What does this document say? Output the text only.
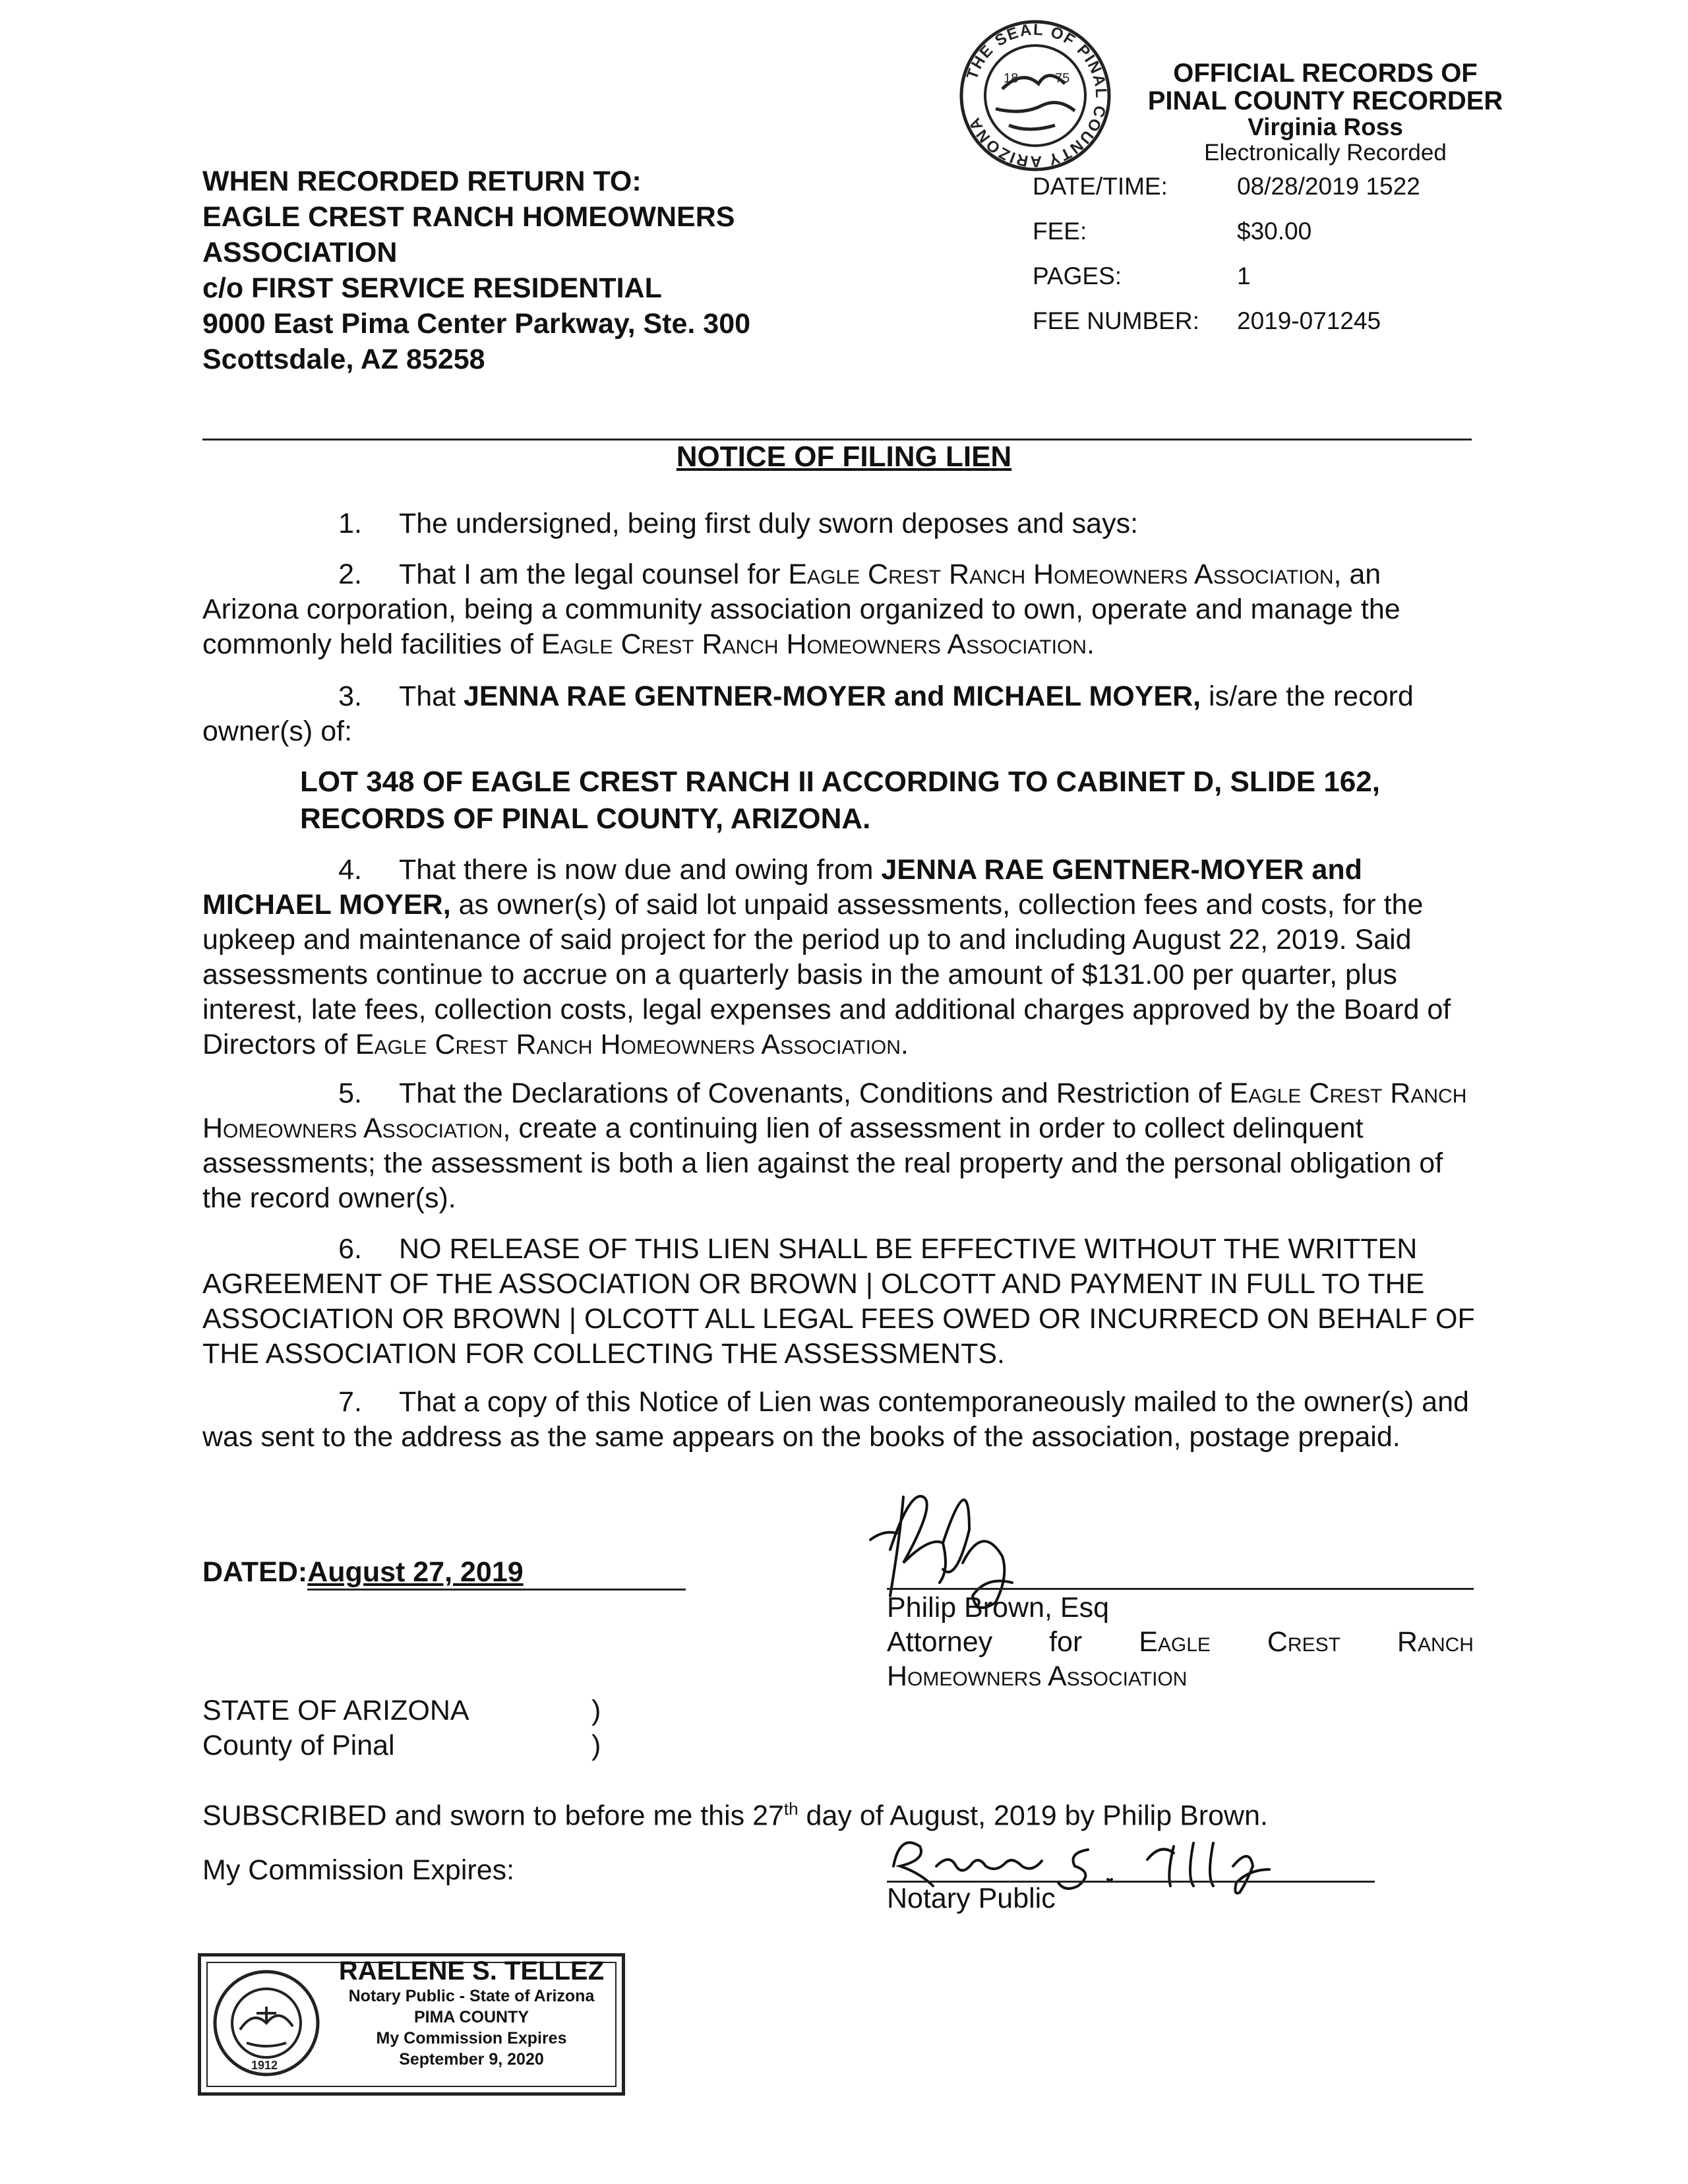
THE SEAL OF PINAL COUNTY ARIZONA
18	75	OFFICIAL RECORDS OF
PINAL COUNTY RECORDER
Virginia Ross
Electronically Recorded
DATE/TIME:	08/28/2019 1522
FEE:	$30.00
PAGES:	1
FEE NUMBER: 2019-071245
WHEN RECORDED RETURN TO:
EAGLE CREST RANCH HOMEOWNERS
ASSOCIATION
c/o FIRST SERVICE RESIDENTIAL
9000 East Pima Center Parkway, Ste. 300
Scottsdale, AZ 85258
NOTICE OF FILING LIEN
1. The undersigned, being first duly sworn deposes and says:
2. That I am the legal counsel for Eagle Crest Ranch Homeowners Association, an Arizona corporation, being a community association organized to own, operate and manage the commonly held facilities of Eagle Crest Ranch Homeowners Association.
3. That JENNA RAE GENTNER-MOYER and MICHAEL MOYER, is/are the record owner(s) of:
LOT 348 OF EAGLE CREST RANCH II ACCORDING TO CABINET D, SLIDE 162,
RECORDS OF PINAL COUNTY, ARIZONA.
4. That there is now due and owing from JENNA RAE GENTNER-MOYER and MICHAEL MOYER, as owner(s) of said lot unpaid assessments, collection fees and costs, for the upkeep and maintenance of said project for the period up to and including August 22, 2019. Said assessments continue to accrue on a quarterly basis in the amount of $131.00 per quarter, plus interest, late fees, collection costs, legal expenses and additional charges approved by the Board of Directors of Eagle Crest Ranch Homeowners Association.
5. That the Declarations of Covenants, Conditions and Restriction of Eagle Crest Ranch Homeowners Association, create a continuing lien of assessment in order to collect delinquent assessments; the assessment is both a lien against the real property and the personal obligation of the record owner(s).
6. NO RELEASE OF THIS LIEN SHALL BE EFFECTIVE WITHOUT THE WRITTEN AGREEMENT OF THE ASSOCIATION OR BROWN | OLCOTT AND PAYMENT IN FULL TO THE ASSOCIATION OR BROWN | OLCOTT ALL LEGAL FEES OWED OR INCURRECD ON BEHALF OF THE ASSOCIATION FOR COLLECTING THE ASSESSMENTS.
7. That a copy of this Notice of Lien was contemporaneously mailed to the owner(s) and was sent to the address as the same appears on the books of the association, postage prepaid.
DATED:August 27, 2019
Philip Brown, Esq
Attorney for Eagle Crest Ranch
Homeowners Association
STATE OF ARIZONA	)
County of Pinal	)
SUBSCRIBED and sworn to before me this 27th day of August, 2019 by Philip Brown.
My Commission Expires:
Notary Public
1912
RAELENE S. TELLEZ
Notary Public - State of Arizona
PIMA COUNTY
My Commission Expires
September 9, 2020
